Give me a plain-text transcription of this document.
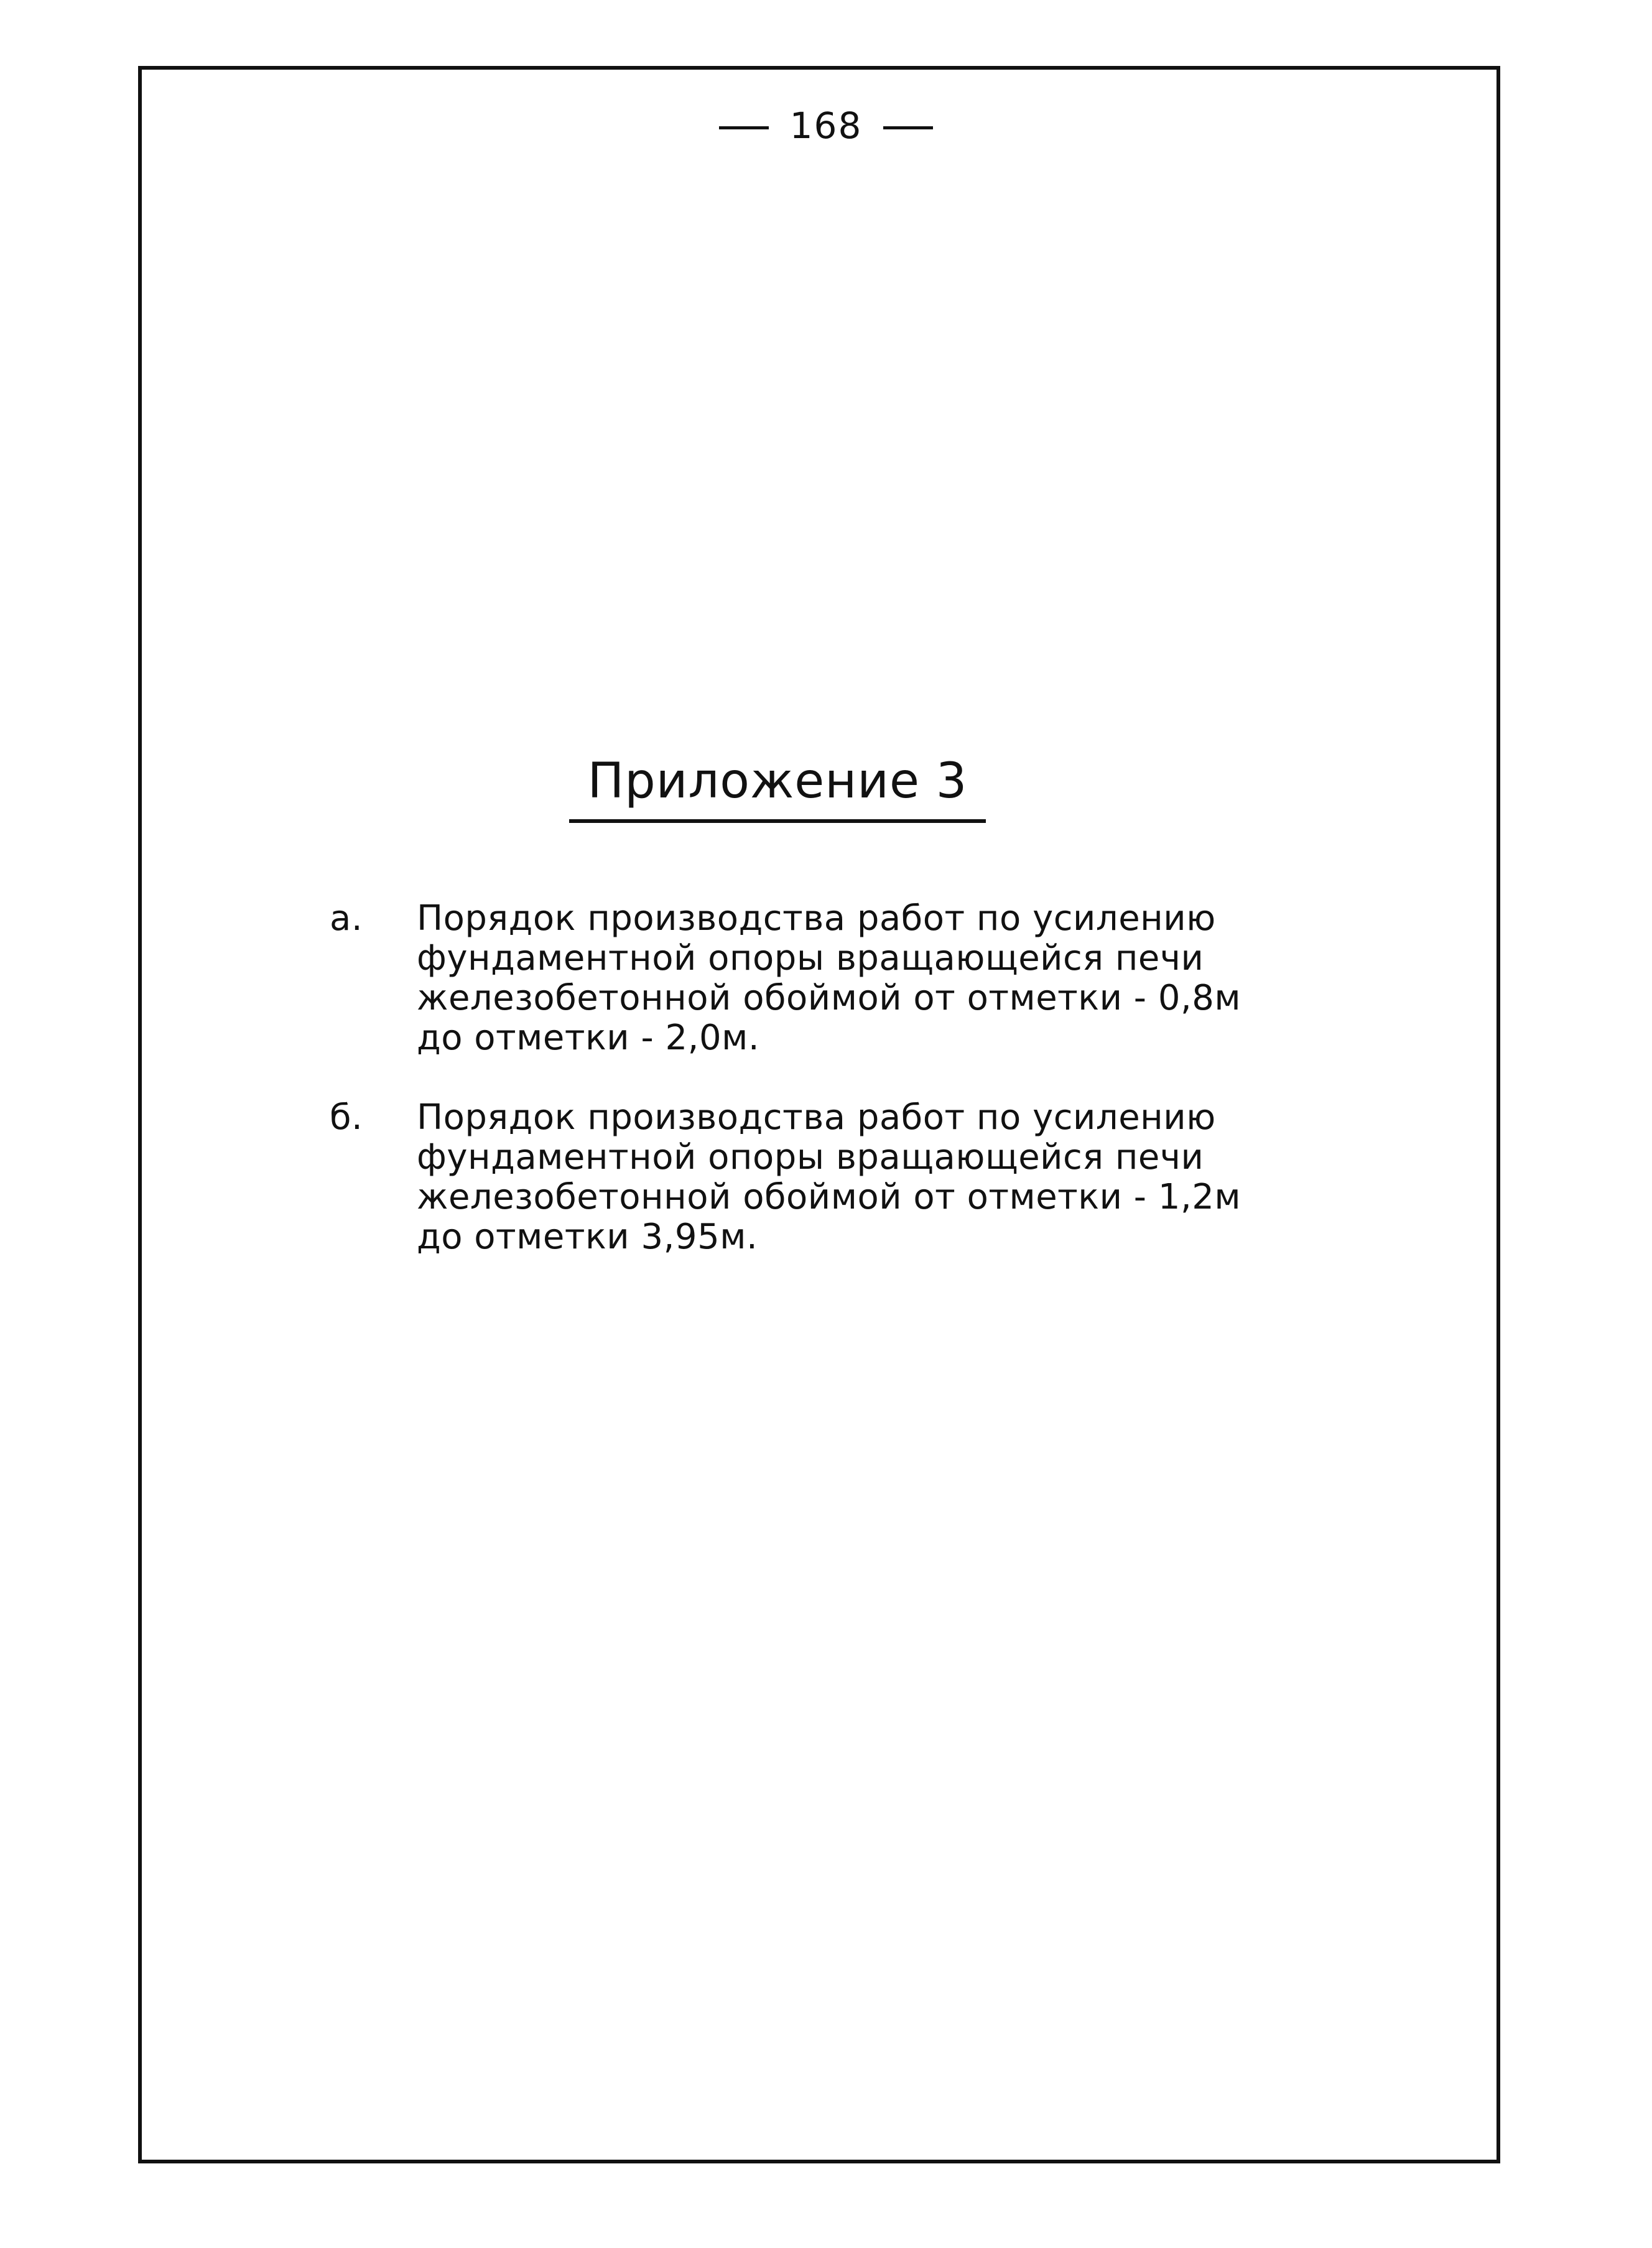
168
Приложение 3
а.	Порядок производства работ по усилению
фундаментной опоры вращающейся печи
железобетонной обоймой от отметки - 0,8м
до отметки - 2,0м.
б.	Порядок производства работ по усилению
фундаментной опоры вращающейся печи
железобетонной обоймой от отметки - 1,2м
до отметки 3,95м.
